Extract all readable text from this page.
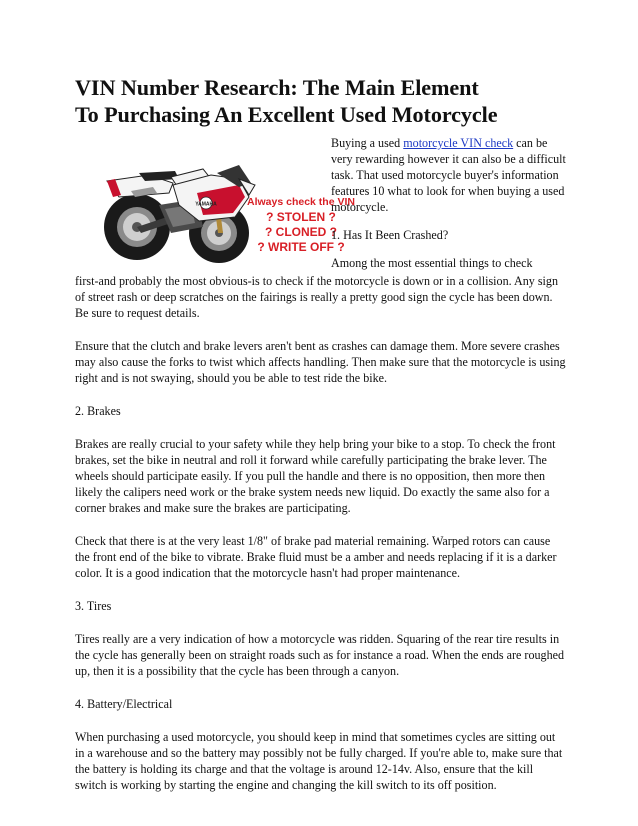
VIN Number Research: The Main Element
To Purchasing An Excellent Used Motorcycle
YAMAHA	Always check the VIN
? STOLEN ?
? CLONED ?
? WRITE OFF ?

Buying a used motorcycle VIN check can be very rewarding however it can also be a difficult task. That used motorcycle buyer's information features 10 what to look for when buying a used motorcycle.

1. Has It Been Crashed?

Among the most essential things to check

first-and probably the most obvious-is to check if the motorcycle is down or in a collision. Any sign of street rash or deep scratches on the fairings is really a pretty good sign the cycle has been down. Be sure to request details.

Ensure that the clutch and brake levers aren't bent as crashes can damage them. More severe crashes may also cause the forks to twist which affects handling. Then make sure that the motorcycle is using right and is not swaying, should you be able to test ride the bike.

2. Brakes

Brakes are really crucial to your safety while they help bring your bike to a stop. To check the front brakes, set the bike in neutral and roll it forward while carefully participating the brake lever. The wheels should participate easily. If you pull the handle and there is no opposition, then more then likely the calipers need work or the brake system needs new liquid. Do exactly the same also for a corner brakes and make sure the brakes are participating.

Check that there is at the very least 1/8" of brake pad material remaining. Warped rotors can cause the front end of the bike to vibrate. Brake fluid must be a amber and needs replacing if it is a darker color. It is a good indication that the motorcycle hasn't had proper maintenance.

3. Tires

Tires really are a very indication of how a motorcycle was ridden. Squaring of the rear tire results in the cycle has generally been on straight roads such as for instance a road. When the ends are roughed up, then it is a possibility that the cycle has been through a canyon.

4. Battery/Electrical

When purchasing a used motorcycle, you should keep in mind that sometimes cycles are sitting out in a warehouse and so the battery may possibly not be fully charged. If you're able to, make sure that the battery is holding its charge and that the voltage is around 12-14v. Also, ensure that the kill switch is working by starting the engine and changing the kill switch to its off position.
